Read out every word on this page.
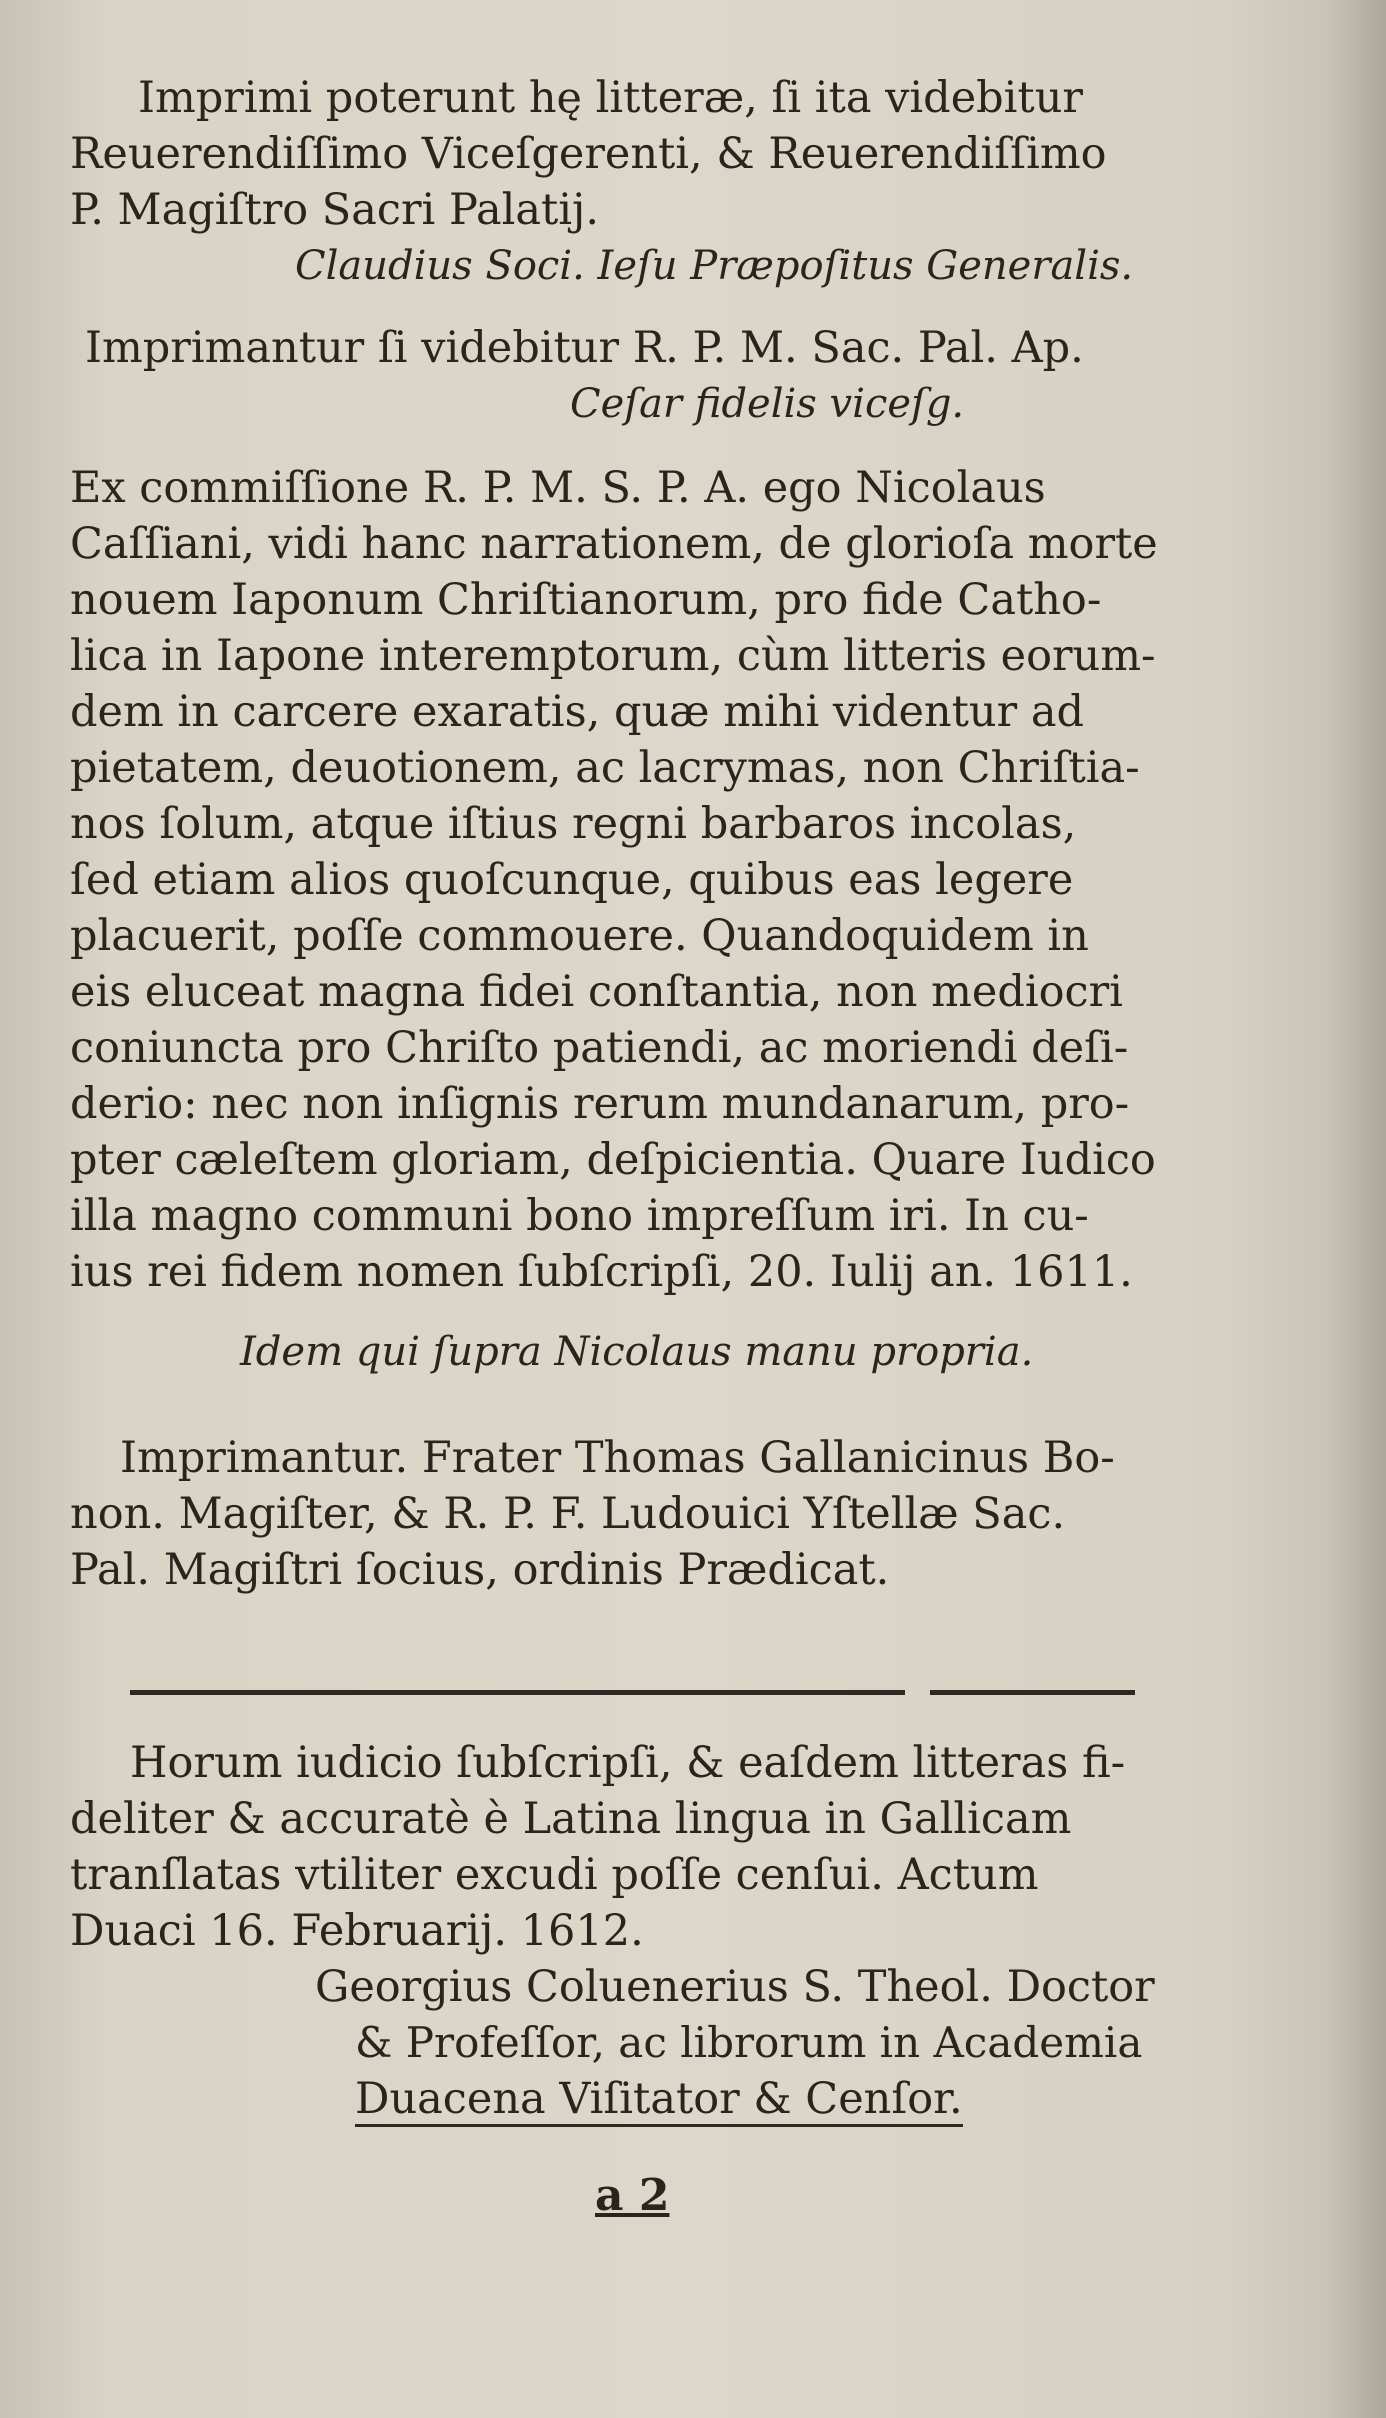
Imprimi poterunt hę litteræ, ſi ita videbitur
Reuerendiſſimo Viceſgerenti, & Reuerendiſſimo
P. Magiſtro Sacri Palatij.
Claudius Soci. Ieſu Præpoſitus Generalis.
Imprimantur ſi videbitur R. P. M. Sac. Pal. Ap.
Ceſar fidelis viceſg.
Ex commiſſione R. P. M. S. P. A. ego Nicolaus
Caſſiani, vidi hanc narrationem, de glorioſa morte
nouem Iaponum Chriſtianorum, pro fide Catho-
lica in Iapone interemptorum, cùm litteris eorum-
dem in carcere exaratis, quæ mihi videntur ad
pietatem, deuotionem, ac lacrymas, non Chriſtia-
nos ſolum, atque iſtius regni barbaros incolas,
ſed etiam alios quoſcunque, quibus eas legere
placuerit, poſſe commouere. Quandoquidem in
eis eluceat magna fidei conſtantia, non mediocri
coniuncta pro Chriſto patiendi, ac moriendi deſi-
derio: nec non inſignis rerum mundanarum, pro-
pter cæleſtem gloriam, deſpicientia. Quare Iudico
illa magno communi bono impreſſum iri. In cu-
ius rei fidem nomen ſubſcripſi, 20. Iulij an. 1611.
Idem qui ſupra Nicolaus manu propria.
Imprimantur. Frater Thomas Gallanicinus Bo-
non. Magiſter, & R. P. F. Ludouici Yſtellæ Sac.
Pal. Magiſtri ſocius, ordinis Prædicat.
Horum iudicio ſubſcripſi, & eaſdem litteras fi-
deliter & accuratè è Latina lingua in Gallicam
tranſlatas vtiliter excudi poſſe cenſui. Actum
Duaci 16. Februarij. 1612.
Georgius Coluenerius S. Theol. Doctor
& Profeſſor, ac librorum in Academia
Duacena Viſitator & Cenſor.
a 2
